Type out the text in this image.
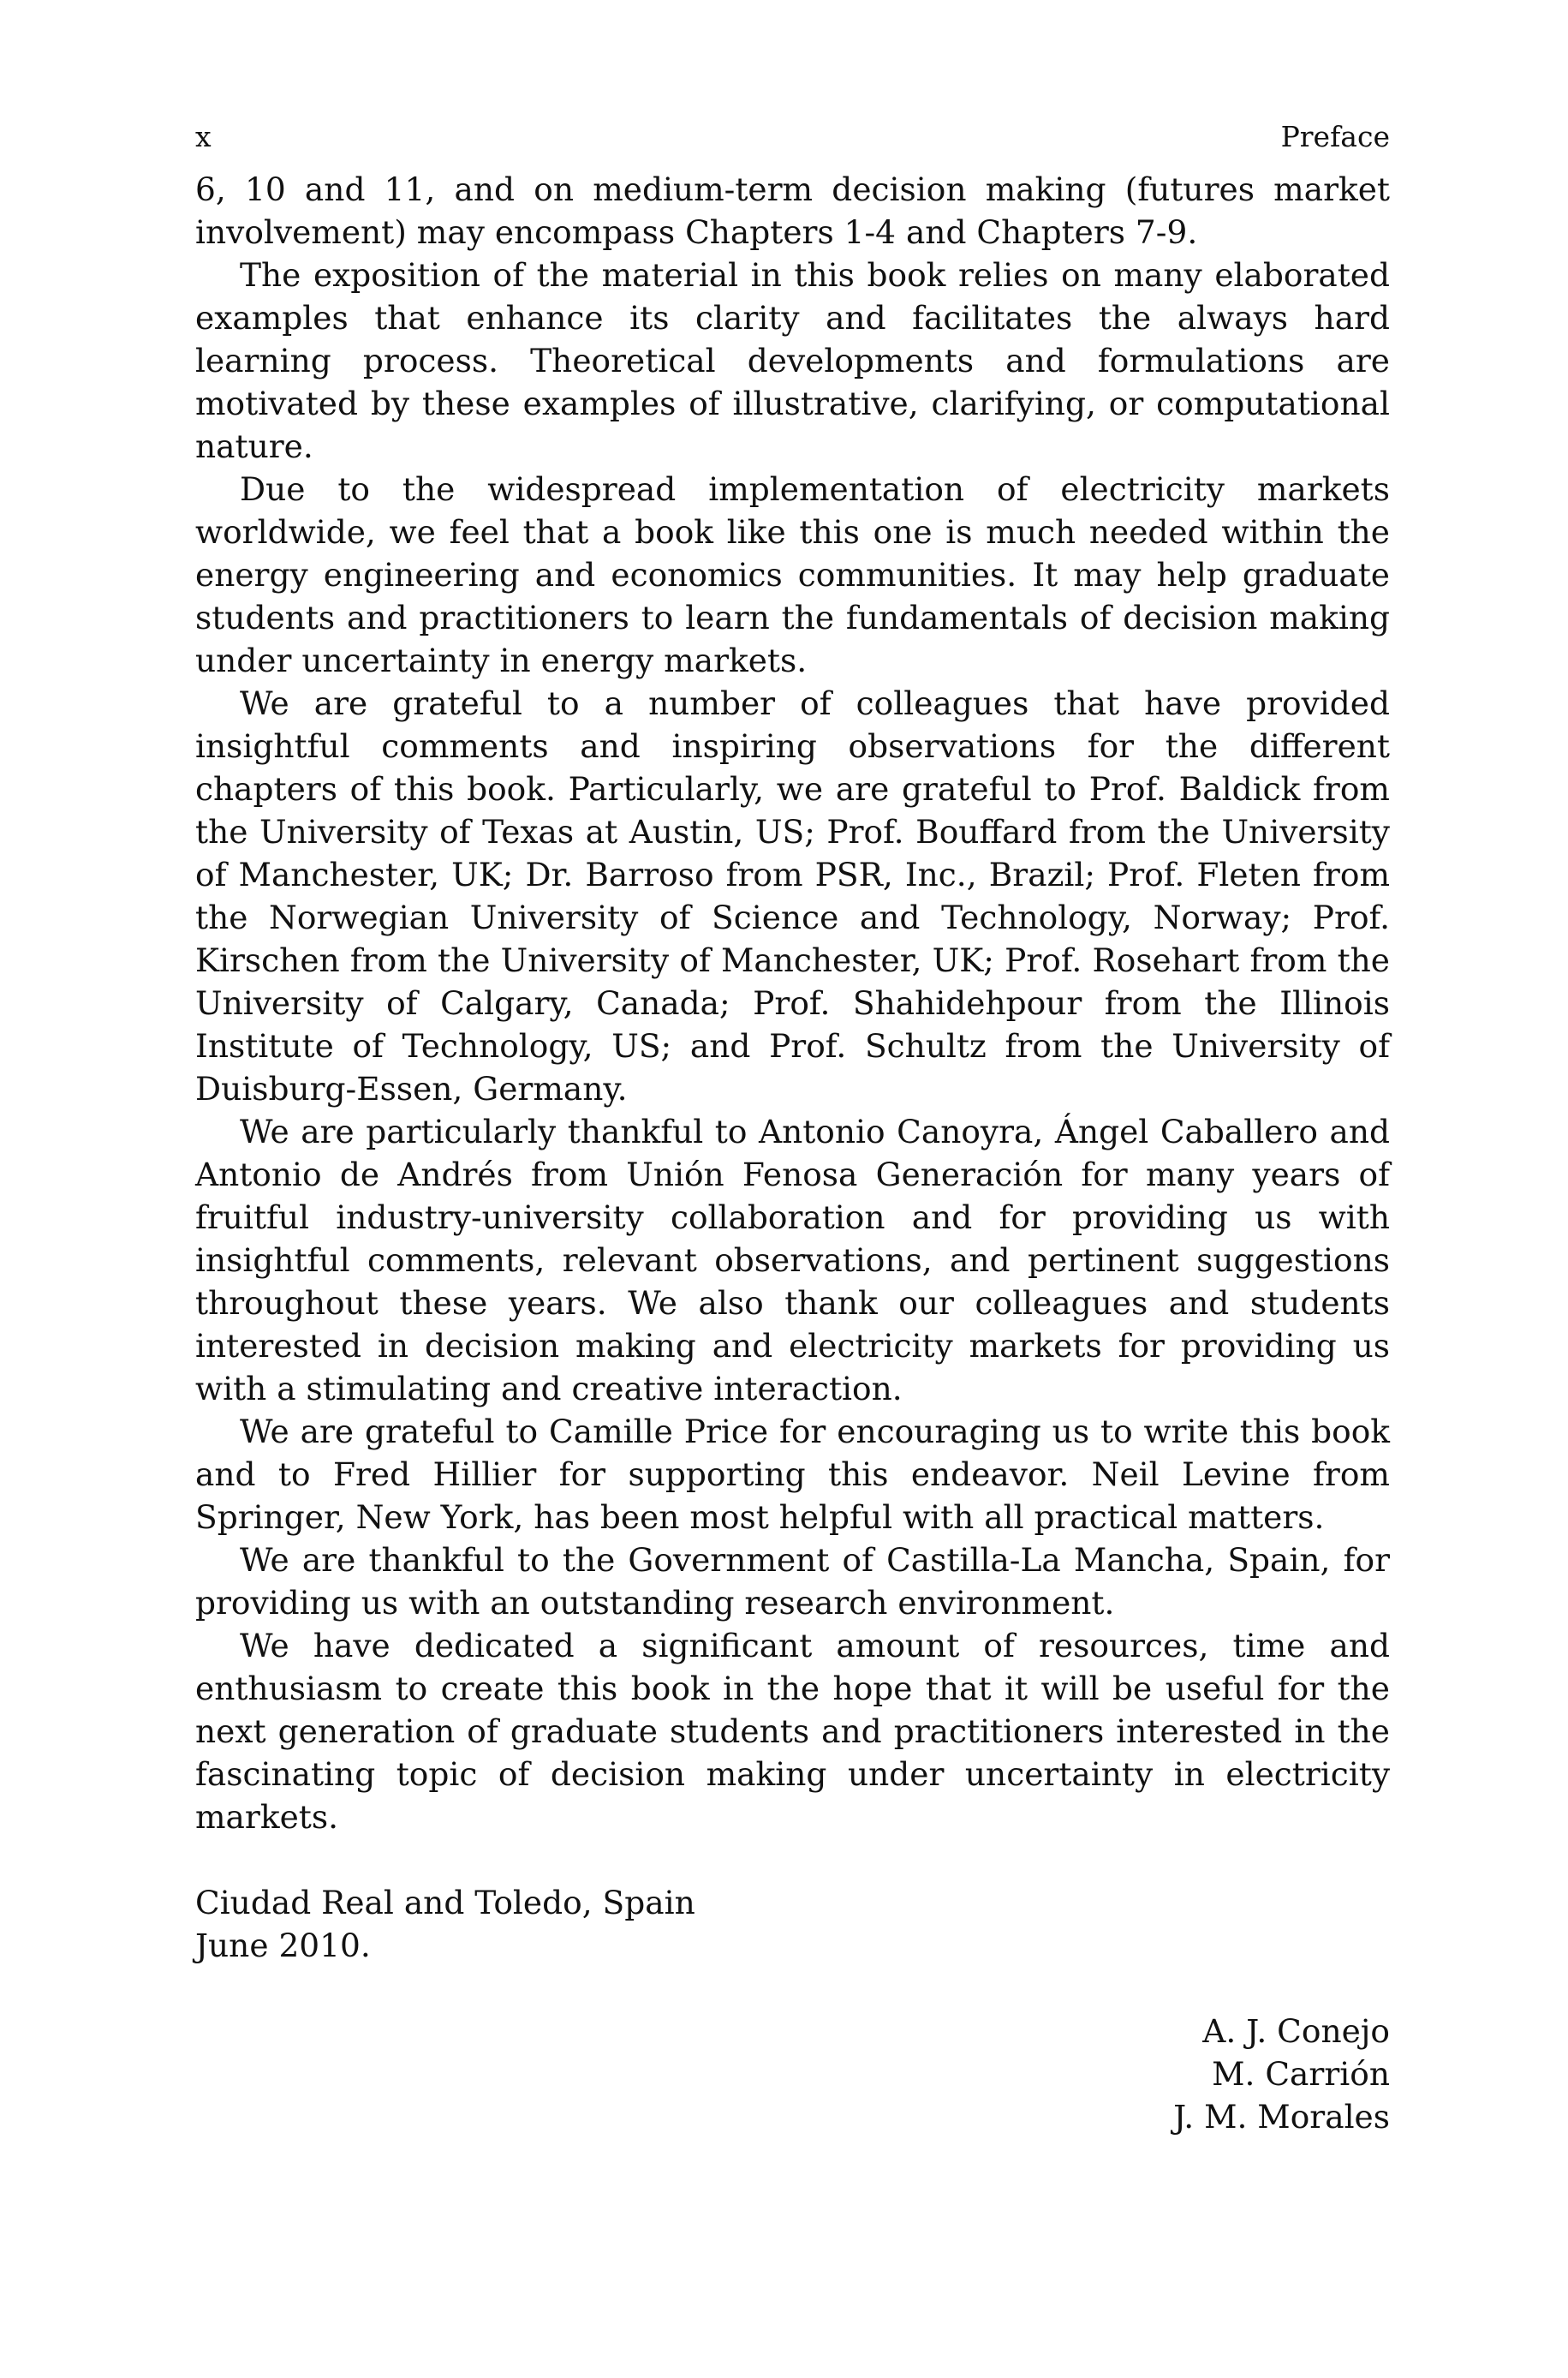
x	Preface

6, 10 and 11, and on medium-term decision making (futures market involvement) may encompass Chapters 1-4 and Chapters 7-9.

The exposition of the material in this book relies on many elaborated examples that enhance its clarity and facilitates the always hard learning process. Theoretical developments and formulations are motivated by these examples of illustrative, clarifying, or computational nature.

Due to the widespread implementation of electricity markets worldwide, we feel that a book like this one is much needed within the energy engineering and economics communities. It may help graduate students and practitioners to learn the fundamentals of decision making under uncertainty in energy markets.

We are grateful to a number of colleagues that have provided insightful comments and inspiring observations for the different chapters of this book. Particularly, we are grateful to Prof. Baldick from the University of Texas at Austin, US; Prof. Bouffard from the University of Manchester, UK; Dr. Barroso from PSR, Inc., Brazil; Prof. Fleten from the Norwegian University of Science and Technology, Norway; Prof. Kirschen from the University of Manchester, UK; Prof. Rosehart from the University of Calgary, Canada; Prof. Shahidehpour from the Illinois Institute of Technology, US; and Prof. Schultz from the University of Duisburg-Essen, Germany.

We are particularly thankful to Antonio Canoyra, Ángel Caballero and Antonio de Andrés from Unión Fenosa Generación for many years of fruitful industry-university collaboration and for providing us with insightful comments, relevant observations, and pertinent suggestions throughout these years. We also thank our colleagues and students interested in decision making and electricity markets for providing us with a stimulating and creative interaction.

We are grateful to Camille Price for encouraging us to write this book and to Fred Hillier for supporting this endeavor. Neil Levine from Springer, New York, has been most helpful with all practical matters.

We are thankful to the Government of Castilla-La Mancha, Spain, for providing us with an outstanding research environment.

We have dedicated a significant amount of resources, time and enthusiasm to create this book in the hope that it will be useful for the next generation of graduate students and practitioners interested in the fascinating topic of decision making under uncertainty in electricity markets.

Ciudad Real and Toledo, Spain
June 2010.
A. J. Conejo
M. Carrión
J. M. Morales
